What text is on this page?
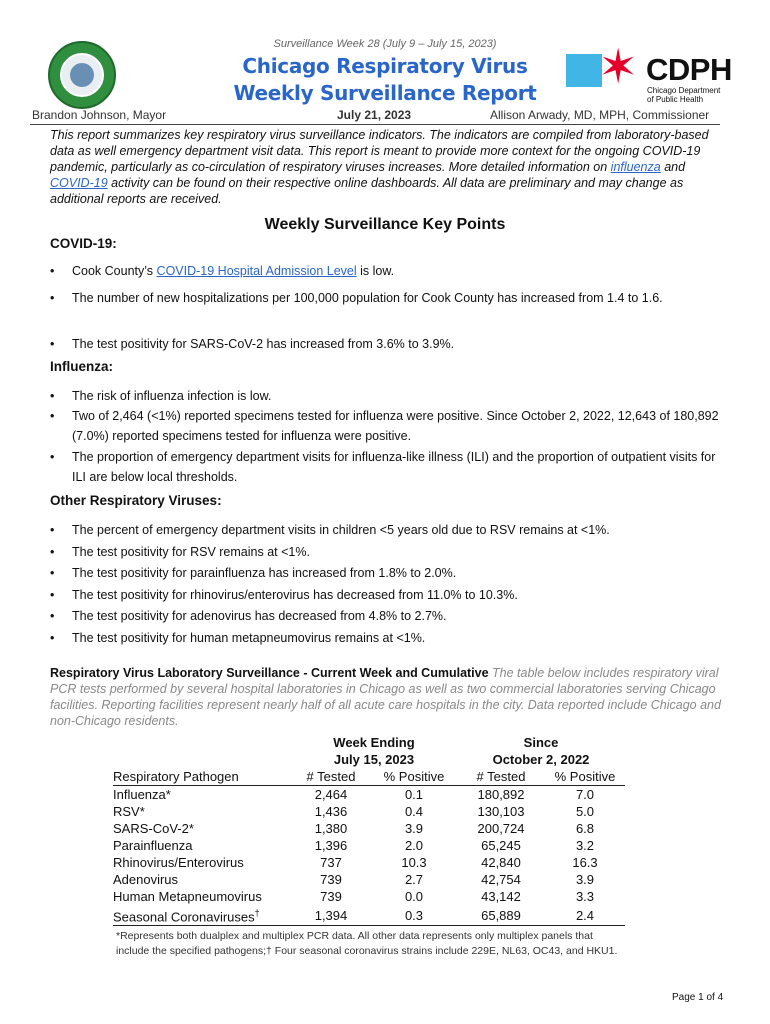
Surveillance Week 28 (July 9 – July 15, 2023)
Chicago Respiratory Virus
Weekly Surveillance Report	✶ CDPH
Chicago Department of Public Health
Brandon Johnson, Mayor	July 21, 2023	Allison Arwady, MD, MPH, Commissioner
This report summarizes key respiratory virus surveillance indicators. The indicators are compiled from laboratory-based data as well emergency department visit data. This report is meant to provide more context for the ongoing COVID-19 pandemic, particularly as co-circulation of respiratory viruses increases. More detailed information on influenza and COVID-19 activity can be found on their respective online dashboards. All data are preliminary and may change as additional reports are received.
Weekly Surveillance Key Points
COVID-19:
• Cook County’s COVID-19 Hospital Admission Level is low.
• The number of new hospitalizations per 100,000 population for Cook County has increased from 1.4 to 1.6.
• The test positivity for SARS-CoV-2 has increased from 3.6% to 3.9%.
Influenza:
• The risk of influenza infection is low.
• Two of 2,464 (<1%) reported specimens tested for influenza were positive. Since October 2, 2022, 12,643 of 180,892 (7.0%) reported specimens tested for influenza were positive.
• The proportion of emergency department visits for influenza-like illness (ILI) and the proportion of outpatient visits for ILI are below local thresholds.
Other Respiratory Viruses:
• The percent of emergency department visits in children <5 years old due to RSV remains at <1%.
• The test positivity for RSV remains at <1%.
• The test positivity for parainfluenza has increased from 1.8% to 2.0%.
• The test positivity for rhinovirus/enterovirus has decreased from 11.0% to 10.3%.
• The test positivity for adenovirus has decreased from 4.8% to 2.7%.
• The test positivity for human metapneumovirus remains at <1%.
Respiratory Virus Laboratory Surveillance - Current Week and Cumulative The table below includes respiratory viral PCR tests performed by several hospital laboratories in Chicago as well as two commercial laboratories serving Chicago facilities. Reporting facilities represent nearly half of all acute care hospitals in the city. Data reported include Chicago and non-Chicago residents.
	Week Ending		Since	
	July 15, 2023		October 2, 2022	
Respiratory Pathogen	# Tested	% Positive	# Tested	% Positive
Influenza*	2,464	0.1	180,892	7.0
RSV*	1,436	0.4	130,103	5.0
SARS-CoV-2*	1,380	3.9	200,724	6.8
Parainfluenza	1,396	2.0	65,245	3.2
Rhinovirus/Enterovirus	737	10.3	42,840	16.3
Adenovirus	739	2.7	42,754	3.9
Human Metapneumovirus	739	0.0	43,142	3.3
Seasonal Coronaviruses†	1,394	0.3	65,889	2.4
*Represents both dualplex and multiplex PCR data. All other data represents only multiplex panels that include the specified pathogens;† Four seasonal coronavirus strains include 229E, NL63, OC43, and HKU1.
Page 1 of 4
